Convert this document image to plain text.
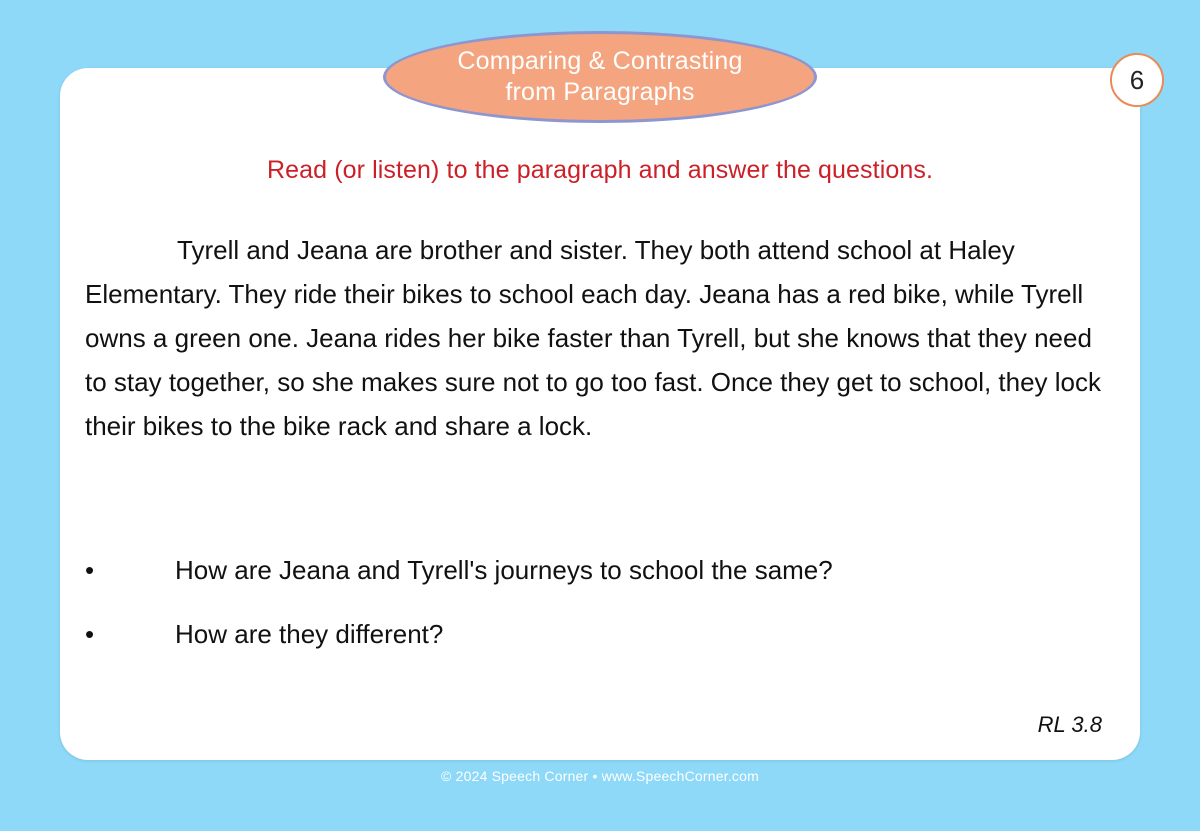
Read (or listen) to the paragraph and answer the questions.
Tyrell and Jeana are brother and sister. They both attend school at Haley Elementary. They ride their bikes to school each day. Jeana has a red bike, while Tyrell owns a green one. Jeana rides her bike faster than Tyrell, but she knows that they need to stay together, so she makes sure not to go too fast. Once they get to school, they lock their bikes to the bike rack and share a lock.
•	How are Jeana and Tyrell's journeys to school the same?
•	How are they different?
RL 3.8
Comparing & Contrasting
from Paragraphs	6
© 2024 Speech Corner • www.SpeechCorner.com
